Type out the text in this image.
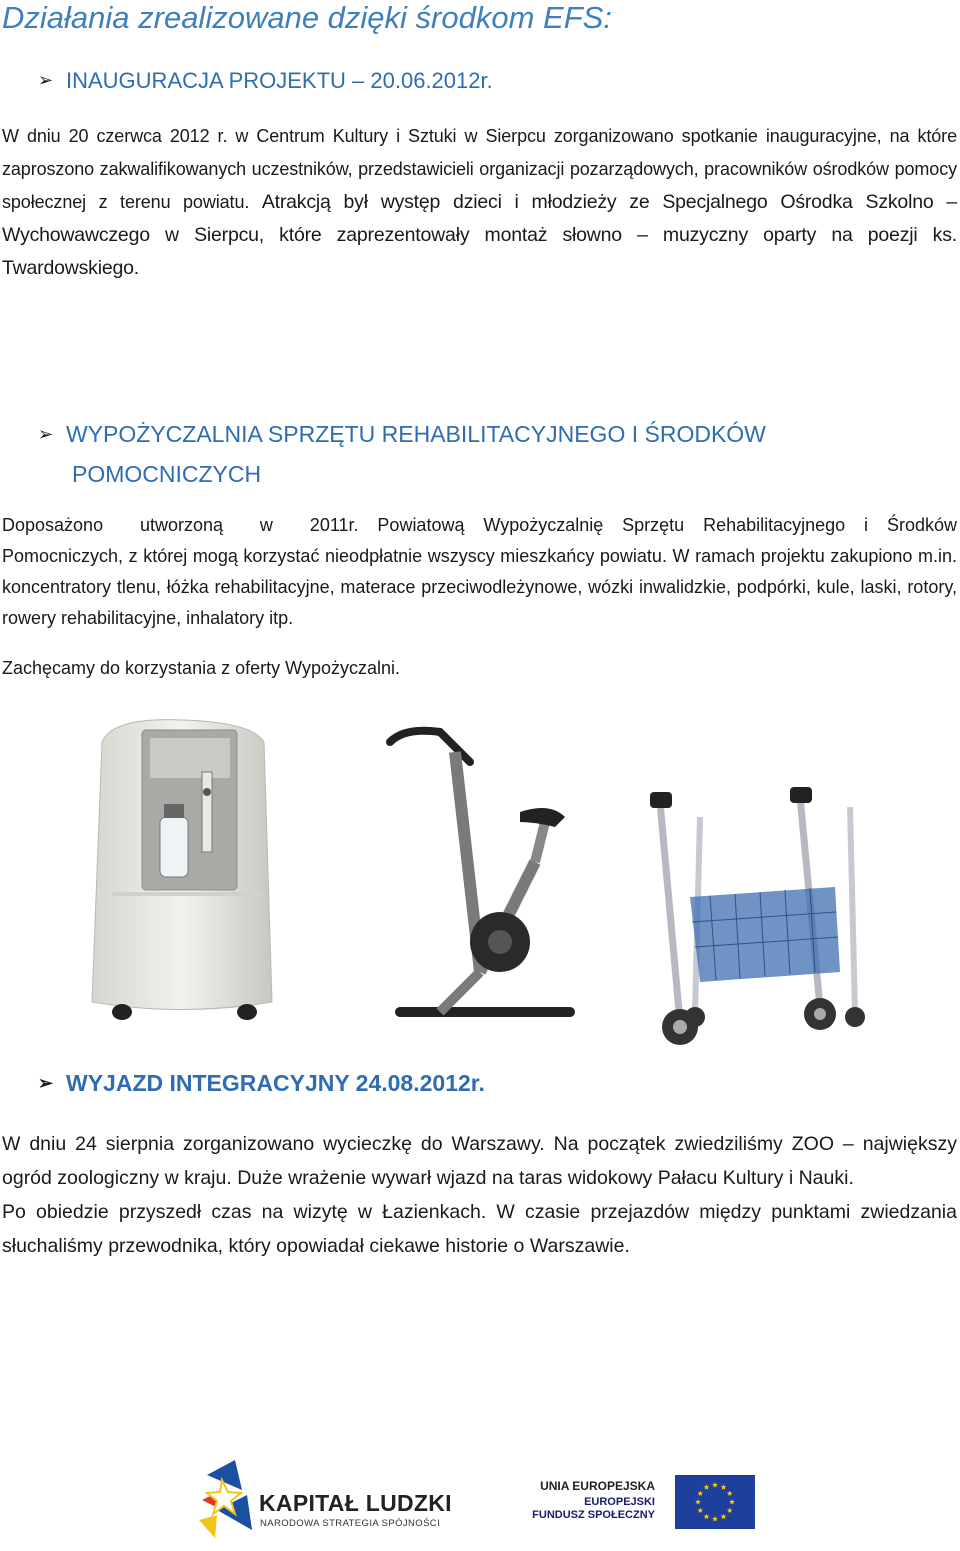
Działania zrealizowane dzięki środkom EFS:
➢ INAUGURACJA PROJEKTU – 20.06.2012r.

W dniu 20 czerwca 2012 r. w Centrum Kultury i Sztuki w Sierpcu zorganizowano spotkanie inauguracyjne, na które zaproszono zakwalifikowanych uczestników, przedstawicieli organizacji pozarządowych, pracowników ośrodków pomocy społecznej z terenu powiatu. Atrakcją był występ dzieci i młodzieży ze Specjalnego Ośrodka Szkolno –Wychowawczego w Sierpcu, które zaprezentowały montaż słowno – muzyczny oparty na poezji ks. Twardowskiego.

➢ WYPOŻYCZALNIA SPRZĘTU REHABILITACYJNEGO I ŚRODKÓW
POMOCNICZYCH

Doposażono utworzoną w 2011r. Powiatową Wypożyczalnię Sprzętu Rehabilitacyjnego i Środków Pomocniczych, z której mogą korzystać nieodpłatnie wszyscy mieszkańcy powiatu. W ramach projektu zakupiono m.in. koncentratory tlenu, łóżka rehabilitacyjne, materace przeciwodleżynowe, wózki inwalidzkie, podpórki, kule, laski, rotory, rowery rehabilitacyjne, inhalatory itp.

Zachęcamy do korzystania z oferty Wypożyczalni.

➢ WYJAZD INTEGRACYJNY 24.08.2012r.
W dniu 24 sierpnia zorganizowano wycieczkę do Warszawy. Na początek zwiedziliśmy ZOO – największy ogród zoologiczny w kraju. Duże wrażenie wywarł wjazd na taras widokowy Pałacu Kultury i Nauki.
Po obiedzie przyszedł czas na wizytę w Łazienkach. W czasie przejazdów między punktami zwiedzania słuchaliśmy przewodnika, który opowiadał ciekawe historie o Warszawie.
KAPITAŁ LUDZKI
NARODOWA STRATEGIA SPÓJNOŚCI
UNIA EUROPEJSKA
EUROPEJSKI
FUNDUSZ SPOŁECZNY
